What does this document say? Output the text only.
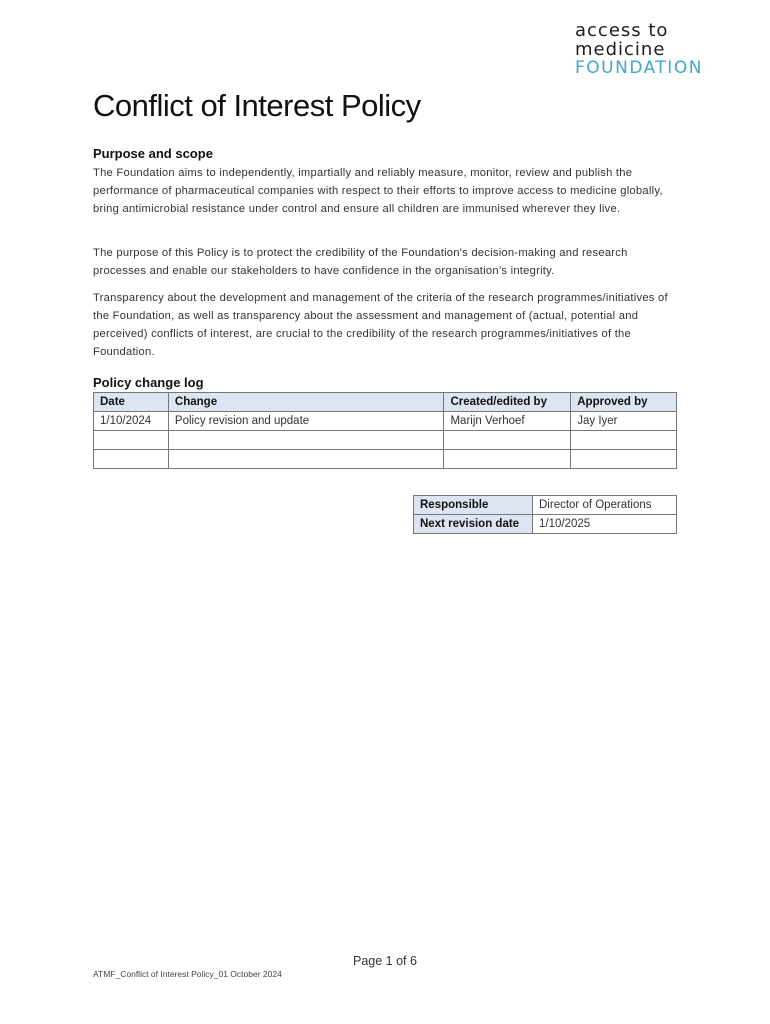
access to
medicine
FOUNDATION
Conflict of Interest Policy
Purpose and scope

The Foundation aims to independently, impartially and reliably measure, monitor, review and publish the performance of pharmaceutical companies with respect to their efforts to improve access to medicine globally, bring antimicrobial resistance under control and ensure all children are immunised wherever they live.

The purpose of this Policy is to protect the credibility of the Foundation's decision-making and research processes and enable our stakeholders to have confidence in the organisation’s integrity.

Transparency about the development and management of the criteria of the research programmes/initiatives of the Foundation, as well as transparency about the assessment and management of (actual, potential and perceived) conflicts of interest, are crucial to the credibility of the research programmes/initiatives of the Foundation.

Policy change log
Date	Change	Created/edited by	Approved by
1/10/2024	Policy revision and update	Marijn Verhoef	Jay Iyer

Responsible	Director of Operations
Next revision date	1/10/2025
Page 1 of 6
ATMF_Conflict of Interest Policy_01 October 2024
